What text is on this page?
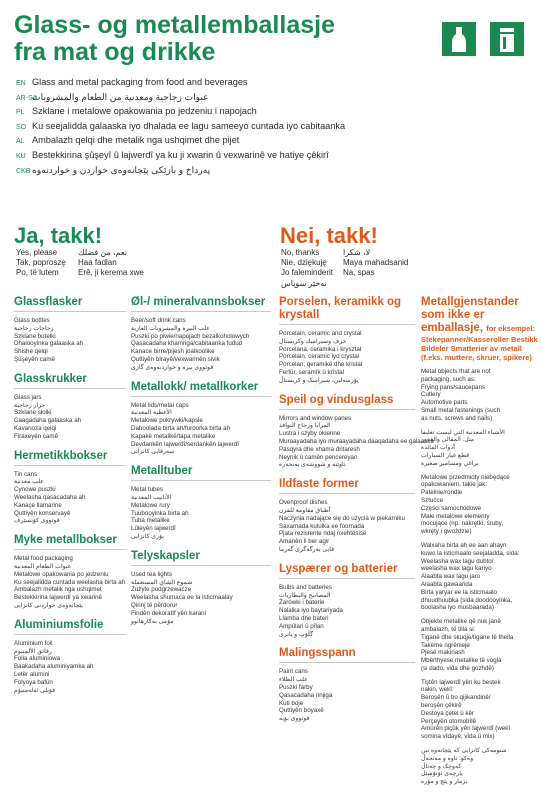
Glass- og metallemballasje
fra mat og drikke
EN Glass and metal packaging from food and beverages
AR-SAعبوات زجاجية ومعدنية من الطعام والمشروبات
PL Szklane i metalowe opakowania po jedzeniu i napojach
SO Ku seejalidda galaaska iyo dhalada ee lagu sameeyo cuntada iyo cabitaanka
AL Ambalazh qelqi dhe metalik nga ushqimet dhe pijet
KU Bestekkirina şûşeyî û lajwerdî ya ku ji xwarin û vexwarinê ve hatiye çêkirî
CKB پەرداخ و بازێکی پێچانەوەی خواردن و خواردنەوە
Ja, takk!
Yes, please	نعم، من فضلك
Tak, poproszę Haa fadlan
Po, të lutem Erê, ji kerema xwe
Nei, takk!
No, thanks	لا، شكرا
Nie, dziękuję Maya mahadsanid
Jo faleminderit Na, spas
نەخێر سوپاس
Glassflasker
Glass bottles
زجاجات زجاجية
Szklane butelki
Dhalooyinka galaaska ah
Shishe qelqi
Şûşeyên camê
Glasskrukker
Glass jars
جرار زجاجية
Szklane słoiki
Caagadaha galaaska ah
Kavanoza qelqi
Firaxeyên camê
Hermetikkbokser
Tin cans
علب معدنية
Cynowe puszki
Weelasha qasacadaha ah
Kanaçe llamarine
Quttiyên konservayê
قوتووی کۆنسێرڤ
Myke metallbokser
Metal food packaging
عبوات الطعام المعدنية
Metalowe opakowania po jedzeniu
Ku seejalidda cuntada weelasha birta ah
Ambalazh metalik nga ushqimet
Bestekkirina lajwerdî ya xwarinê
پێچانەوەی خواردنی کانزایی
Aluminiumsfolie
Aluminium foil
رقائق الألمنيوم
Folia aluminiowa
Baakadaha aluminiyamka ah
Letër alumini
Folyoya bafûn
فۆیلی ئەلەمنیۆم
Øl-/ mineralvannsbokser
Beer/soft drink cans
علب البيرة والمشروبات الغازية
Puszki po piwie/napojach bezalkoholowych
Qasacadaha khamriga/cabitaanka fudud
Kanace birre/pijesh joalkoolike
Quttiyên bîrayê/vexwarinên sivik
قوتووی بیرە و خواردنەوەی گازی
Metallokk/ metallkorker
Metal lids/metal caps
الأغطية المعدنية
Metalowe pokrywki/kapsle
Daboolada birta ah/furoorka birta ah
Kapakë metalikë/tapa metalike
Devdankên lajwerdî/serdankên lajwerdî
سەرقاپی کانزایی
Metalltuber
Metal tubes
الأنابيب المعدنية
Metalowe rury
Tuubooyinka birta ah
Tuba metalike
Lûleyên lajwerdî
بۆری کانزایی
Telyskapsler
Used tea lights
شموع الشاي المستعملة
Zużyte podgrzewacze
Weelasha shumaca ee la isticmaalay
Qirinj të përdorur
Findên dekoratîf yên karanî
مۆمی بەکارهاتوو
Porselen, keramikk og krystall
Porcelain, ceramic and crystal
خزف وسيراميك وكريستال
Porcelana, ceramika i kryształ
Porcelain, ceramic iyo crystal
Porcelan, qeramikë dhe kristal
Ferfûr, seramîk û krîstal
پۆرسەلین، سیرامیک و کریستاڵ
Speil og vindusglass
Mirrors and window panes
المرايا وزجاج النوافذ
Lustra i szyby okienne
Muraayadaha iyo muraayadaha daaqadaha ee galaaska
Pasqyra dhe xhama dritaresh
Neynik û camên pencereyan
ئاوێنە و شووشەی پەنجەرە
Ildfaste former
Ovenproof dishes
أطباق مقاومة للفرن
Naczynia nadające się do użycia w piekarniku
Saxamada kululka ee foornada
Pjata rezistente ndaj nxehtësisë
Amanên li ber agir
قاپی بەرگەگری گەرما
Lyspærer og batterier
Bulbs and batteries
المصابيح والبطاريات
Żarówki i baterie
Nalalka iyo baytariyada
Llamba dhe bateri
Ampûlan û pîlan
گڵۆپ و پاتری
Malingsspann
Paint cans
علب الطلاء
Puszki farby
Qasacadaha rinjiga
Kuti boje
Quttiyên boyaxê
قوتووی بۆیە
Metallgjenstander som ikke er emballasje, for eksempel:
Stekepanner/Kasseroller Bestikk Bildeler Smatterier av metall (f.eks. muttere, skruer, spikere)
Metal objects that are not
packaging, such as:
Frying pans/saucepans
Cutlery
Automotive parts
Small metal fastenings (such
as nuts, screws and nails)
الأشياء المعدنية التي ليست تغليفا
مثل: المقالي والقدور
أدوات المائدة
قطع غيار السيارات
براغي ومسامير صغيرة
Metalowe przedmioty niebędące
opakowaniem, takie jak:
Patelnie/rondle
Sztućce
Części samochodowe
Małe metalowe elementy
mocujące (np. nakrętki, śruby,
wkręty i gwoździe)
Walxaha birta ah ee aan ahayn
kuwo la isticmaalo seejaladda, sida:
Weelasha wax lagu dubto/
weelasha wax lagu kariyo
Alaabta wax lagu jaro
Alaabta gawaarida
Birta yaryar ee la isticmaalo
dhuudhuubka (sida doodooyinka,
boolasha iyo musbaarada)
Objekte metalike që nuk janë
ambalazh, të tilla si:
Tiganë dhe skuqje/tigane të thella
Takëme ngrënieje
Pjesë makinash
Mbërthyese metalike të vogla
(si dado, vida dhe gozhdë)
Tiştên lajwerdî yên ku bestek
nakin, wekî:
Beroşên û bo qijikandinê/
beroşên çêkirê
Destoya çetel û kêr
Perçeyên otomobîlê
Amûrên piçûk yên lajwerdî (wekî
somina vîdayê, vîda û mix)
شتومەکی کانزایی کە پێچانەوە نین
وەکو: تاوە و مەنجەڵ
کەوچک و چەتاڵ
پارچەی ئۆتۆمبێل
بزمار و پێچ و مۆرە
